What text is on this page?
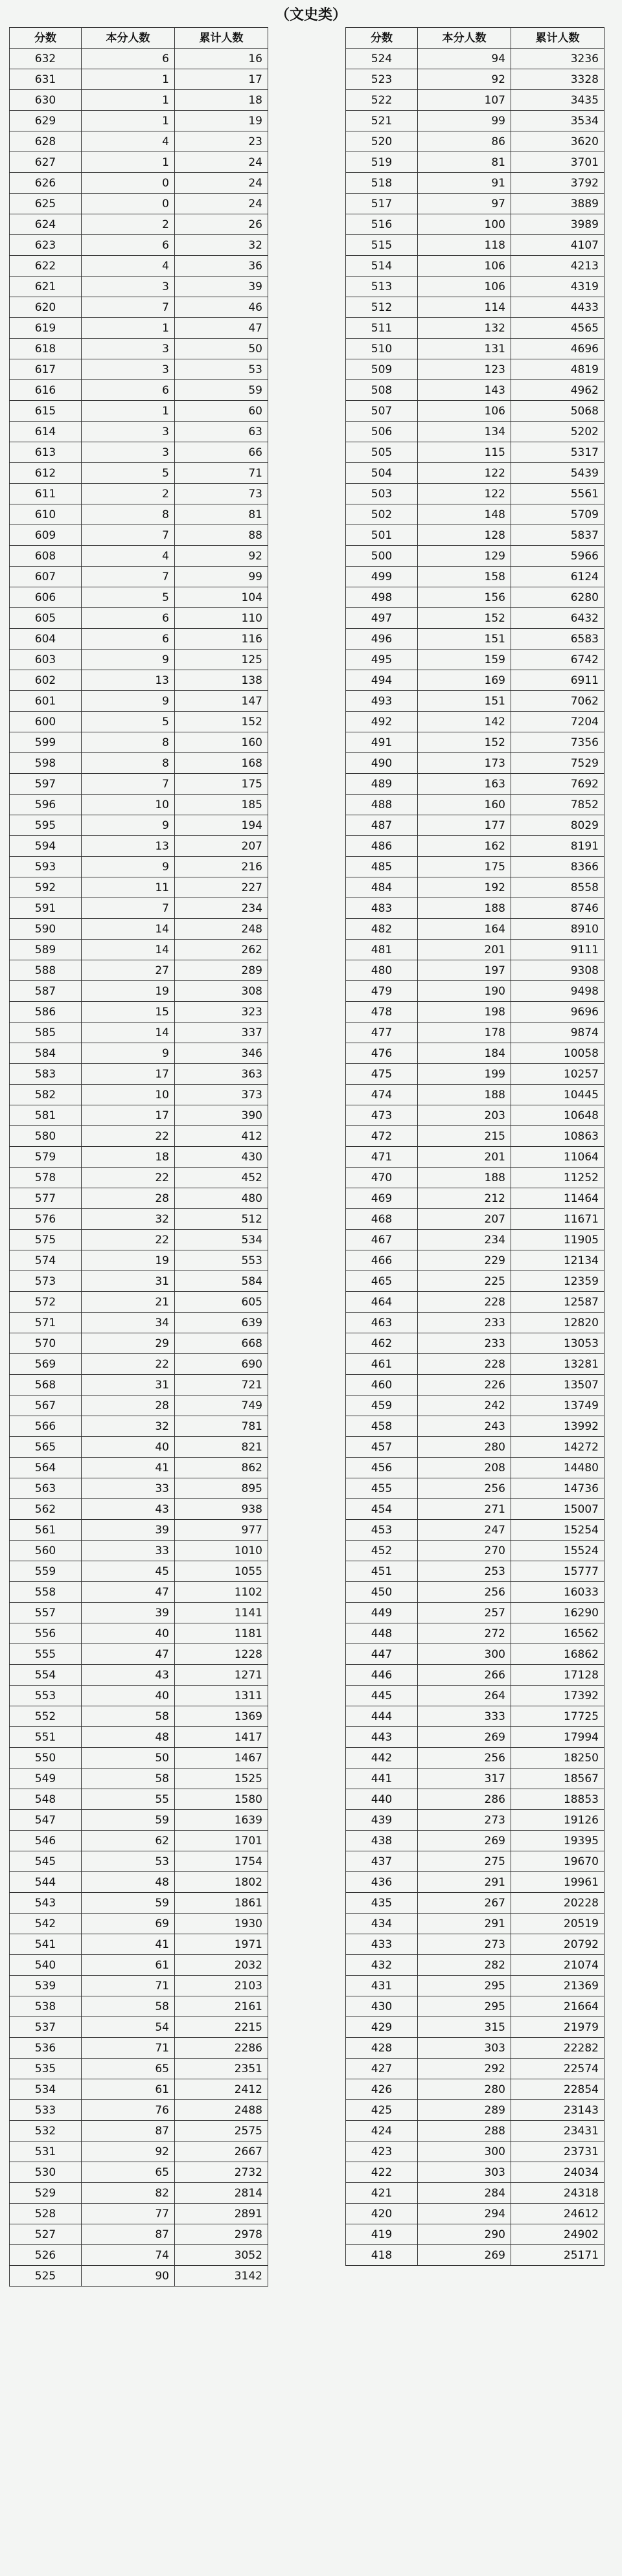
（文史类）
分数	本分人数	累计人数
632	6	16
631	1	17
630	1	18
629	1	19
628	4	23
627	1	24
626	0	24
625	0	24
624	2	26
623	6	32
622	4	36
621	3	39
620	7	46
619	1	47
618	3	50
617	3	53
616	6	59
615	1	60
614	3	63
613	3	66
612	5	71
611	2	73
610	8	81
609	7	88
608	4	92
607	7	99
606	5	104
605	6	110
604	6	116
603	9	125
602	13	138
601	9	147
600	5	152
599	8	160
598	8	168
597	7	175
596	10	185
595	9	194
594	13	207
593	9	216
592	11	227
591	7	234
590	14	248
589	14	262
588	27	289
587	19	308
586	15	323
585	14	337
584	9	346
583	17	363
582	10	373
581	17	390
580	22	412
579	18	430
578	22	452
577	28	480
576	32	512
575	22	534
574	19	553
573	31	584
572	21	605
571	34	639
570	29	668
569	22	690
568	31	721
567	28	749
566	32	781
565	40	821
564	41	862
563	33	895
562	43	938
561	39	977
560	33	1010
559	45	1055
558	47	1102
557	39	1141
556	40	1181
555	47	1228
554	43	1271
553	40	1311
552	58	1369
551	48	1417
550	50	1467
549	58	1525
548	55	1580
547	59	1639
546	62	1701
545	53	1754
544	48	1802
543	59	1861
542	69	1930
541	41	1971
540	61	2032
539	71	2103
538	58	2161
537	54	2215
536	71	2286
535	65	2351
534	61	2412
533	76	2488
532	87	2575
531	92	2667
530	65	2732
529	82	2814
528	77	2891
527	87	2978
526	74	3052
525	90	3142
分数	本分人数	累计人数
524	94	3236
523	92	3328
522	107	3435
521	99	3534
520	86	3620
519	81	3701
518	91	3792
517	97	3889
516	100	3989
515	118	4107
514	106	4213
513	106	4319
512	114	4433
511	132	4565
510	131	4696
509	123	4819
508	143	4962
507	106	5068
506	134	5202
505	115	5317
504	122	5439
503	122	5561
502	148	5709
501	128	5837
500	129	5966
499	158	6124
498	156	6280
497	152	6432
496	151	6583
495	159	6742
494	169	6911
493	151	7062
492	142	7204
491	152	7356
490	173	7529
489	163	7692
488	160	7852
487	177	8029
486	162	8191
485	175	8366
484	192	8558
483	188	8746
482	164	8910
481	201	9111
480	197	9308
479	190	9498
478	198	9696
477	178	9874
476	184	10058
475	199	10257
474	188	10445
473	203	10648
472	215	10863
471	201	11064
470	188	11252
469	212	11464
468	207	11671
467	234	11905
466	229	12134
465	225	12359
464	228	12587
463	233	12820
462	233	13053
461	228	13281
460	226	13507
459	242	13749
458	243	13992
457	280	14272
456	208	14480
455	256	14736
454	271	15007
453	247	15254
452	270	15524
451	253	15777
450	256	16033
449	257	16290
448	272	16562
447	300	16862
446	266	17128
445	264	17392
444	333	17725
443	269	17994
442	256	18250
441	317	18567
440	286	18853
439	273	19126
438	269	19395
437	275	19670
436	291	19961
435	267	20228
434	291	20519
433	273	20792
432	282	21074
431	295	21369
430	295	21664
429	315	21979
428	303	22282
427	292	22574
426	280	22854
425	289	23143
424	288	23431
423	300	23731
422	303	24034
421	284	24318
420	294	24612
419	290	24902
418	269	25171
